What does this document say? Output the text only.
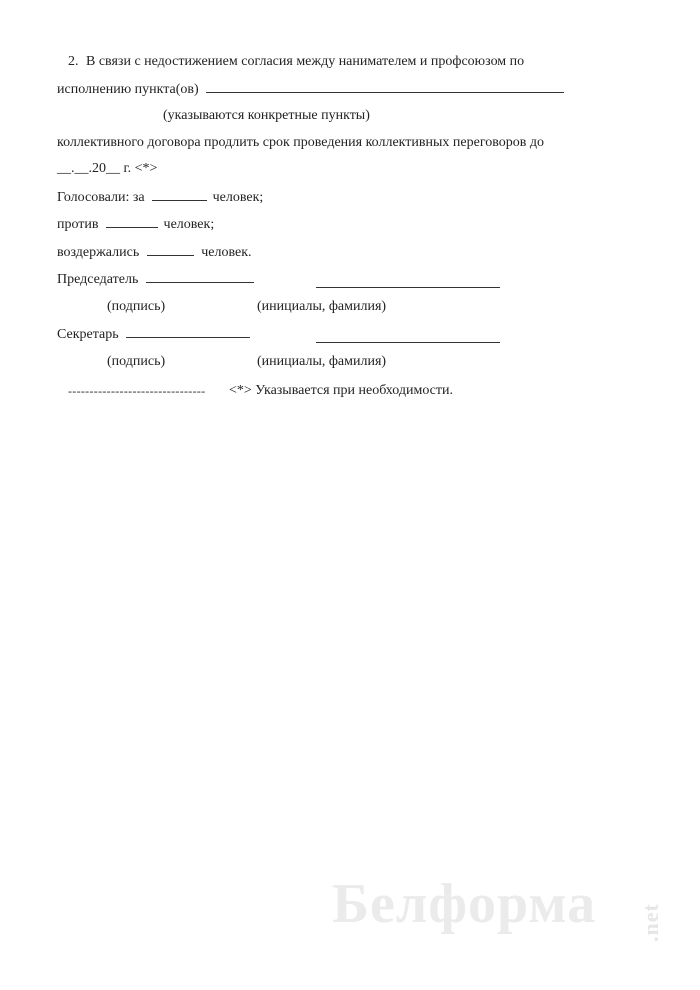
2. В связи с недостижением согласия между нанимателем и профсоюзом по
исполнению пункта(ов)
(указываются конкретные пункты)
коллективного договора продлить срок проведения коллективных переговоров до
__.__.20__ г. <*>
Голосовали: за	человек;
против	человек;
воздержались	человек.
Председатель
(подпись)	(инициалы, фамилия)
Секретарь
(подпись)	(инициалы, фамилия)
-------------------------------- <*> Указывается при необходимости.
Белформа .net
